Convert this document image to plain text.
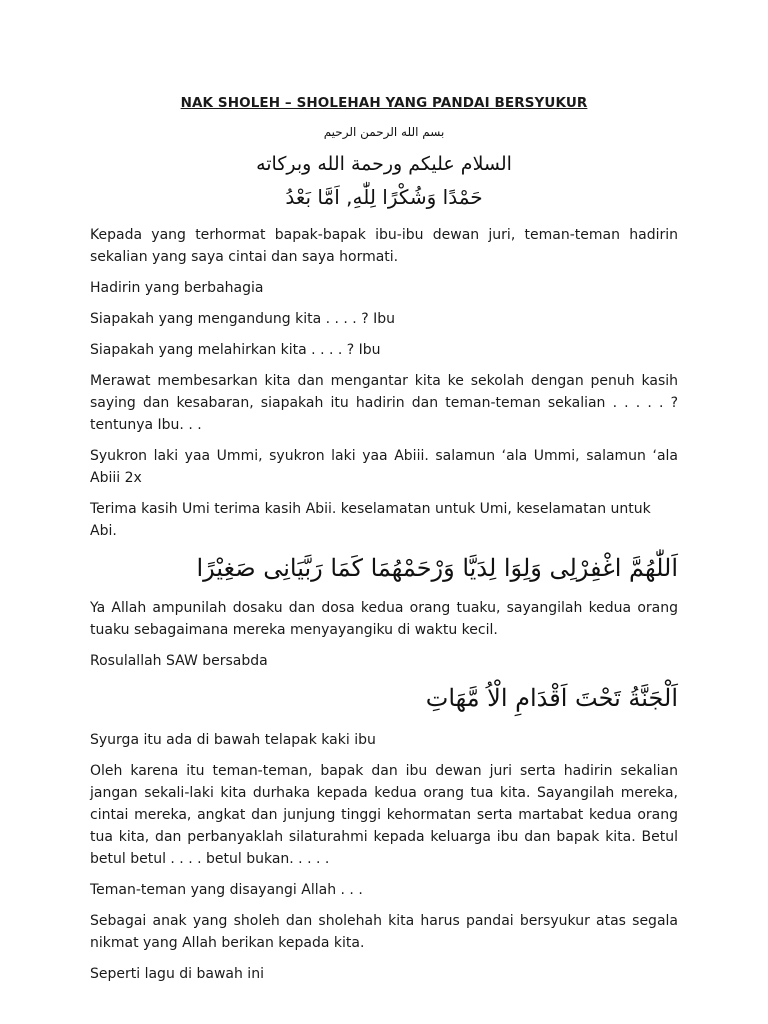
NAK SHOLEH – SHOLEHAH YANG PANDAI BERSYUKUR
بسم الله الرحمن الرحيم
السلام عليكم ورحمة الله وبركاته
حَمْدًا وَشُكْرًا لِلّٰهِ, اَمَّا بَعْدُ

Kepada yang terhormat bapak-bapak ibu-ibu dewan juri, teman-teman hadirin sekalian yang saya cintai dan saya hormati.

Hadirin yang berbahagia

Siapakah yang mengandung kita . . . . ? Ibu

Siapakah yang melahirkan kita . . . . ? Ibu

Merawat membesarkan kita dan mengantar kita ke sekolah dengan penuh kasih saying dan kesabaran, siapakah itu hadirin dan teman-teman sekalian . . . . . ? tentunya Ibu. . .

Syukron laki yaa Ummi, syukron laki yaa Abiii. salamun ‘ala Ummi, salamun ‘ala Abiii 2x

Terima kasih Umi terima kasih Abii. keselamatan untuk Umi, keselamatan untuk Abi.

اَللّٰهُمَّ اغْفِرْلِى وَلِوَا لِدَيَّا وَرْحَمْهُمَا كَمَا رَبَّيَانِى صَغِيْرًا

Ya Allah ampunilah dosaku dan dosa kedua orang tuaku, sayangilah kedua orang tuaku sebagaimana mereka menyayangiku di waktu kecil.

Rosulallah SAW bersabda

اَلْجَنَّةُ تَحْتَ اَقْدَامِ الْاُ مَّهَاتِ

Syurga itu ada di bawah telapak kaki ibu

Oleh karena itu teman-teman, bapak dan ibu dewan juri serta hadirin sekalian jangan sekali-laki kita durhaka kepada kedua orang tua kita. Sayangilah mereka, cintai mereka, angkat dan junjung tinggi kehormatan serta martabat kedua orang tua kita, dan perbanyaklah silaturahmi kepada keluarga ibu dan bapak kita. Betul betul betul . . . . betul bukan. . . . .

Teman-teman yang disayangi Allah . . .

Sebagai anak yang sholeh dan sholehah kita harus pandai bersyukur atas segala nikmat yang Allah berikan kepada kita.

Seperti lagu di bawah ini
